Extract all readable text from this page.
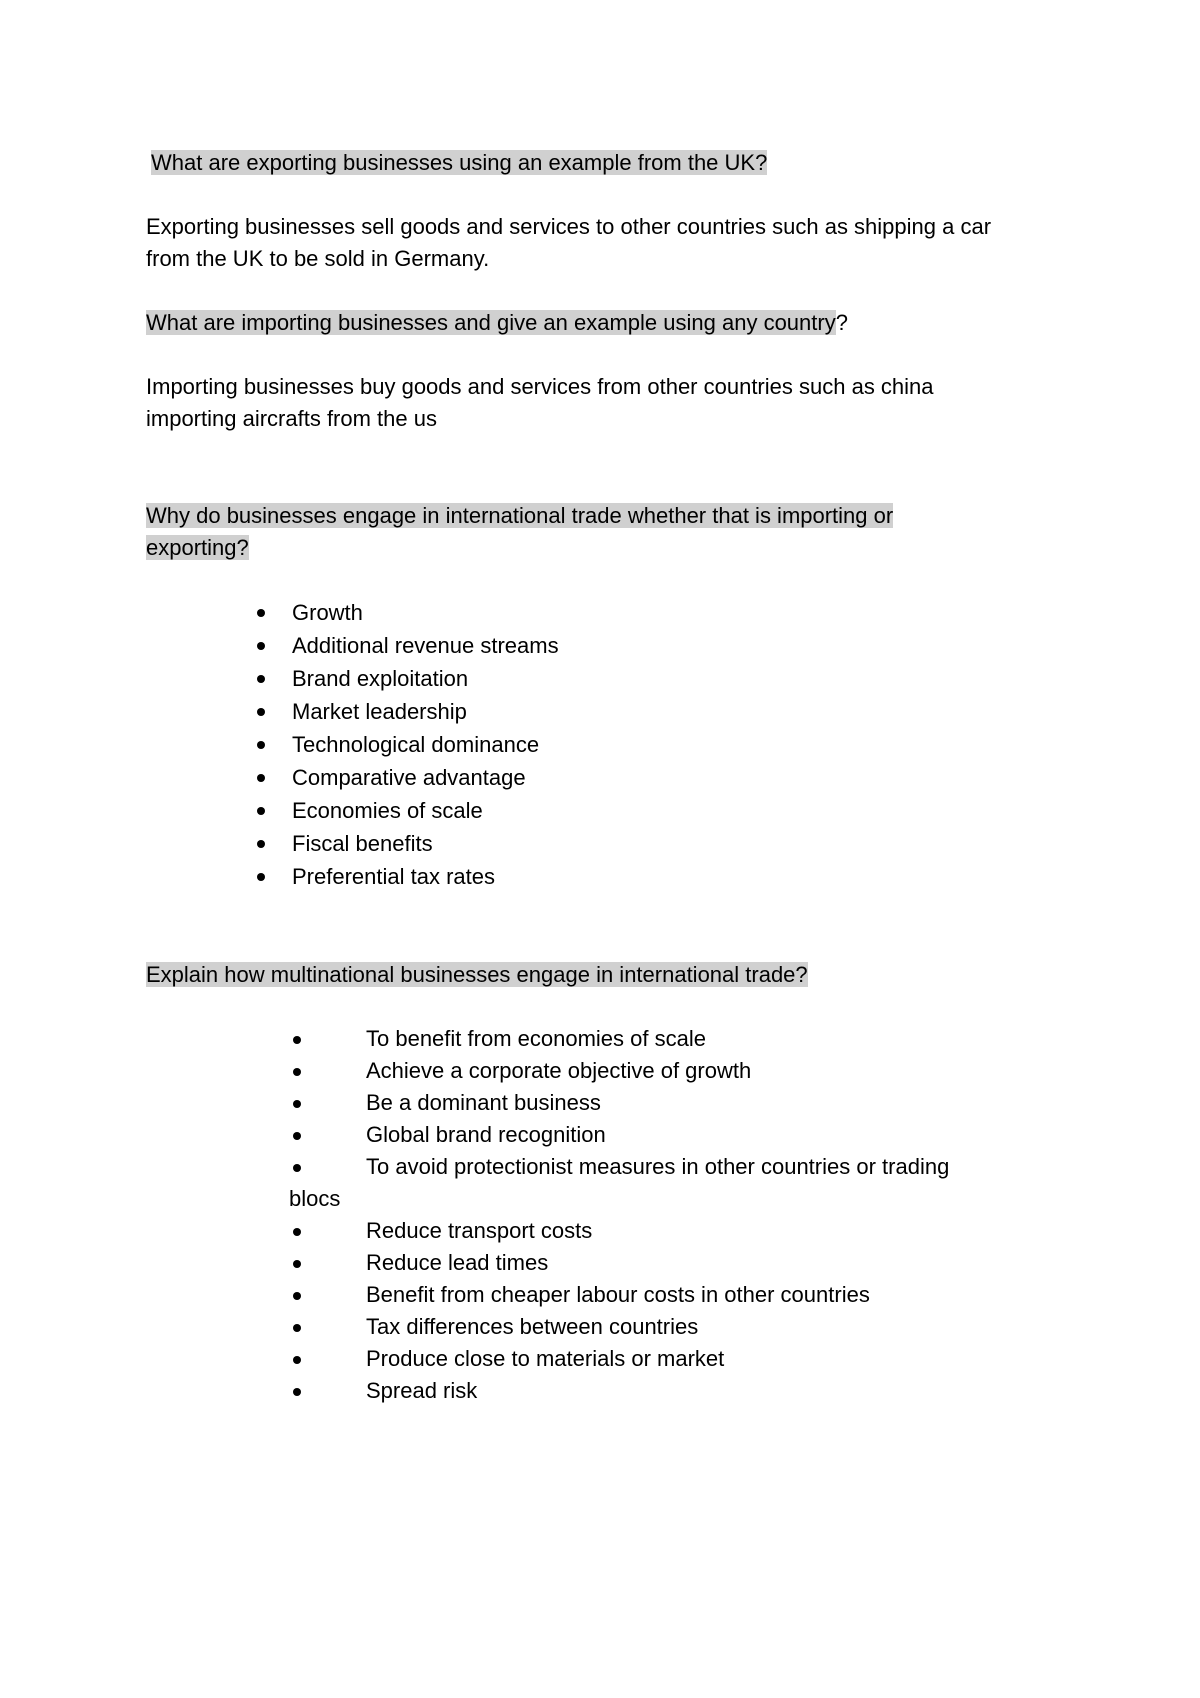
What are exporting businesses using an example from the UK?
Exporting businesses sell goods and services to other countries such as shipping a car
from the UK to be sold in Germany.
What are importing businesses and give an example using any country?
Importing businesses buy goods and services from other countries such as china
importing aircrafts from the us
Why do businesses engage in international trade whether that is importing or
exporting?
Growth
Additional revenue streams
Brand exploitation
Market leadership
Technological dominance
Comparative advantage
Economies of scale
Fiscal benefits
Preferential tax rates
Explain how multinational businesses engage in international trade?
To benefit from economies of scale
Achieve a corporate objective of growth
Be a dominant business
Global brand recognition
To avoid protectionist measures in other countries or trading
blocs
Reduce transport costs
Reduce lead times
Benefit from cheaper labour costs in other countries
Tax differences between countries
Produce close to materials or market
Spread risk
